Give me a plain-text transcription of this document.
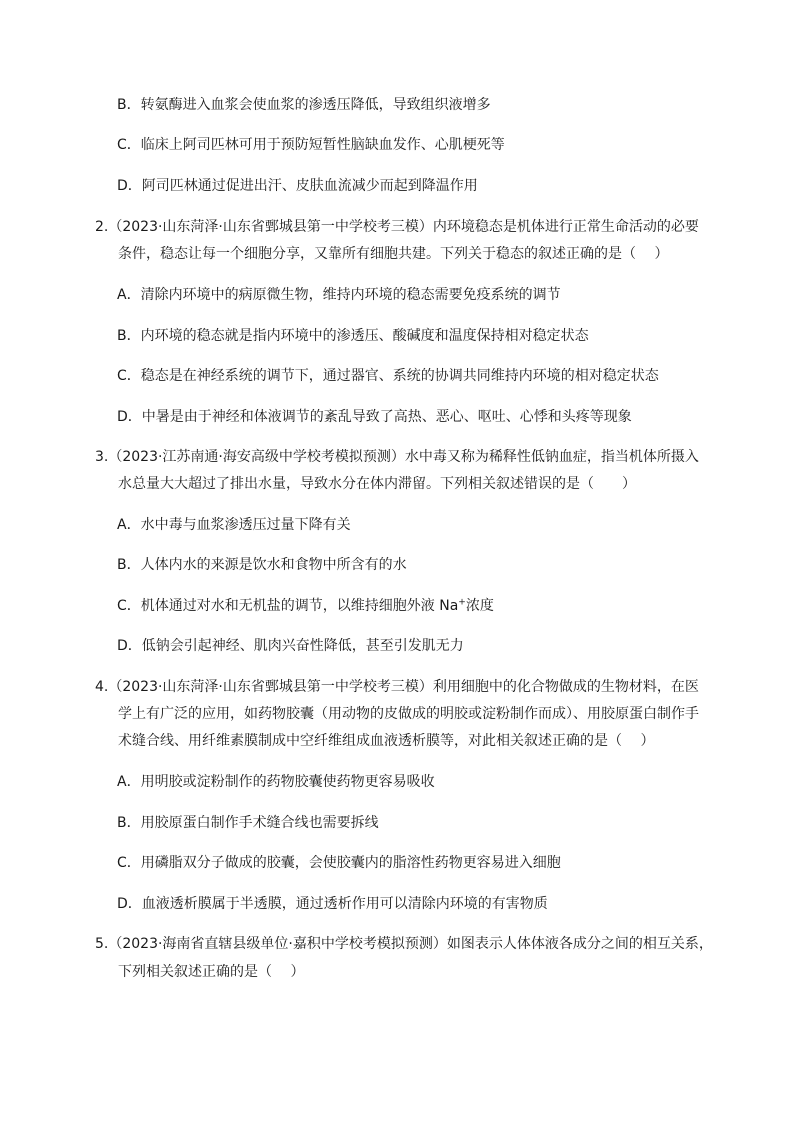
B．转氨酶进入血浆会使血浆的渗透压降低，导致组织液增多
C．临床上阿司匹林可用于预防短暂性脑缺血发作、心肌梗死等
D．阿司匹林通过促进出汗、皮肤血流减少而起到降温作用
2.（2023·山东菏泽·山东省鄄城县第一中学校考三模）内环境稳态是机体进行正常生命活动的必要
条件，稳态让每一个细胞分享，又靠所有细胞共建。下列关于稳态的叙述正确的是（　 ）
A．清除内环境中的病原微生物，维持内环境的稳态需要免疫系统的调节
B．内环境的稳态就是指内环境中的渗透压、酸碱度和温度保持相对稳定状态
C．稳态是在神经系统的调节下，通过器官、系统的协调共同维持内环境的相对稳定状态
D．中暑是由于神经和体液调节的紊乱导致了高热、恶心、呕吐、心悸和头疼等现象
3.（2023·江苏南通·海安高级中学校考模拟预测）水中毒又称为稀释性低钠血症，指当机体所摄入
水总量大大超过了排出水量，导致水分在体内滞留。下列相关叙述错误的是（　　）
A．水中毒与血浆渗透压过量下降有关
B．人体内水的来源是饮水和食物中所含有的水
C．机体通过对水和无机盐的调节，以维持细胞外液 Na+浓度
D．低钠会引起神经、肌肉兴奋性降低，甚至引发肌无力
4.（2023·山东菏泽·山东省鄄城县第一中学校考三模）利用细胞中的化合物做成的生物材料，在医
学上有广泛的应用，如药物胶囊（用动物的皮做成的明胶或淀粉制作而成）、用胶原蛋白制作手
术缝合线、用纤维素膜制成中空纤维组成血液透析膜等，对此相关叙述正确的是（　 ）
A．用明胶或淀粉制作的药物胶囊使药物更容易吸收
B．用胶原蛋白制作手术缝合线也需要拆线
C．用磷脂双分子做成的胶囊，会使胶囊内的脂溶性药物更容易进入细胞
D．血液透析膜属于半透膜，通过透析作用可以清除内环境的有害物质
5.（2023·海南省直辖县级单位·嘉积中学校考模拟预测）如图表示人体体液各成分之间的相互关系，
下列相关叙述正确的是（　 ）
